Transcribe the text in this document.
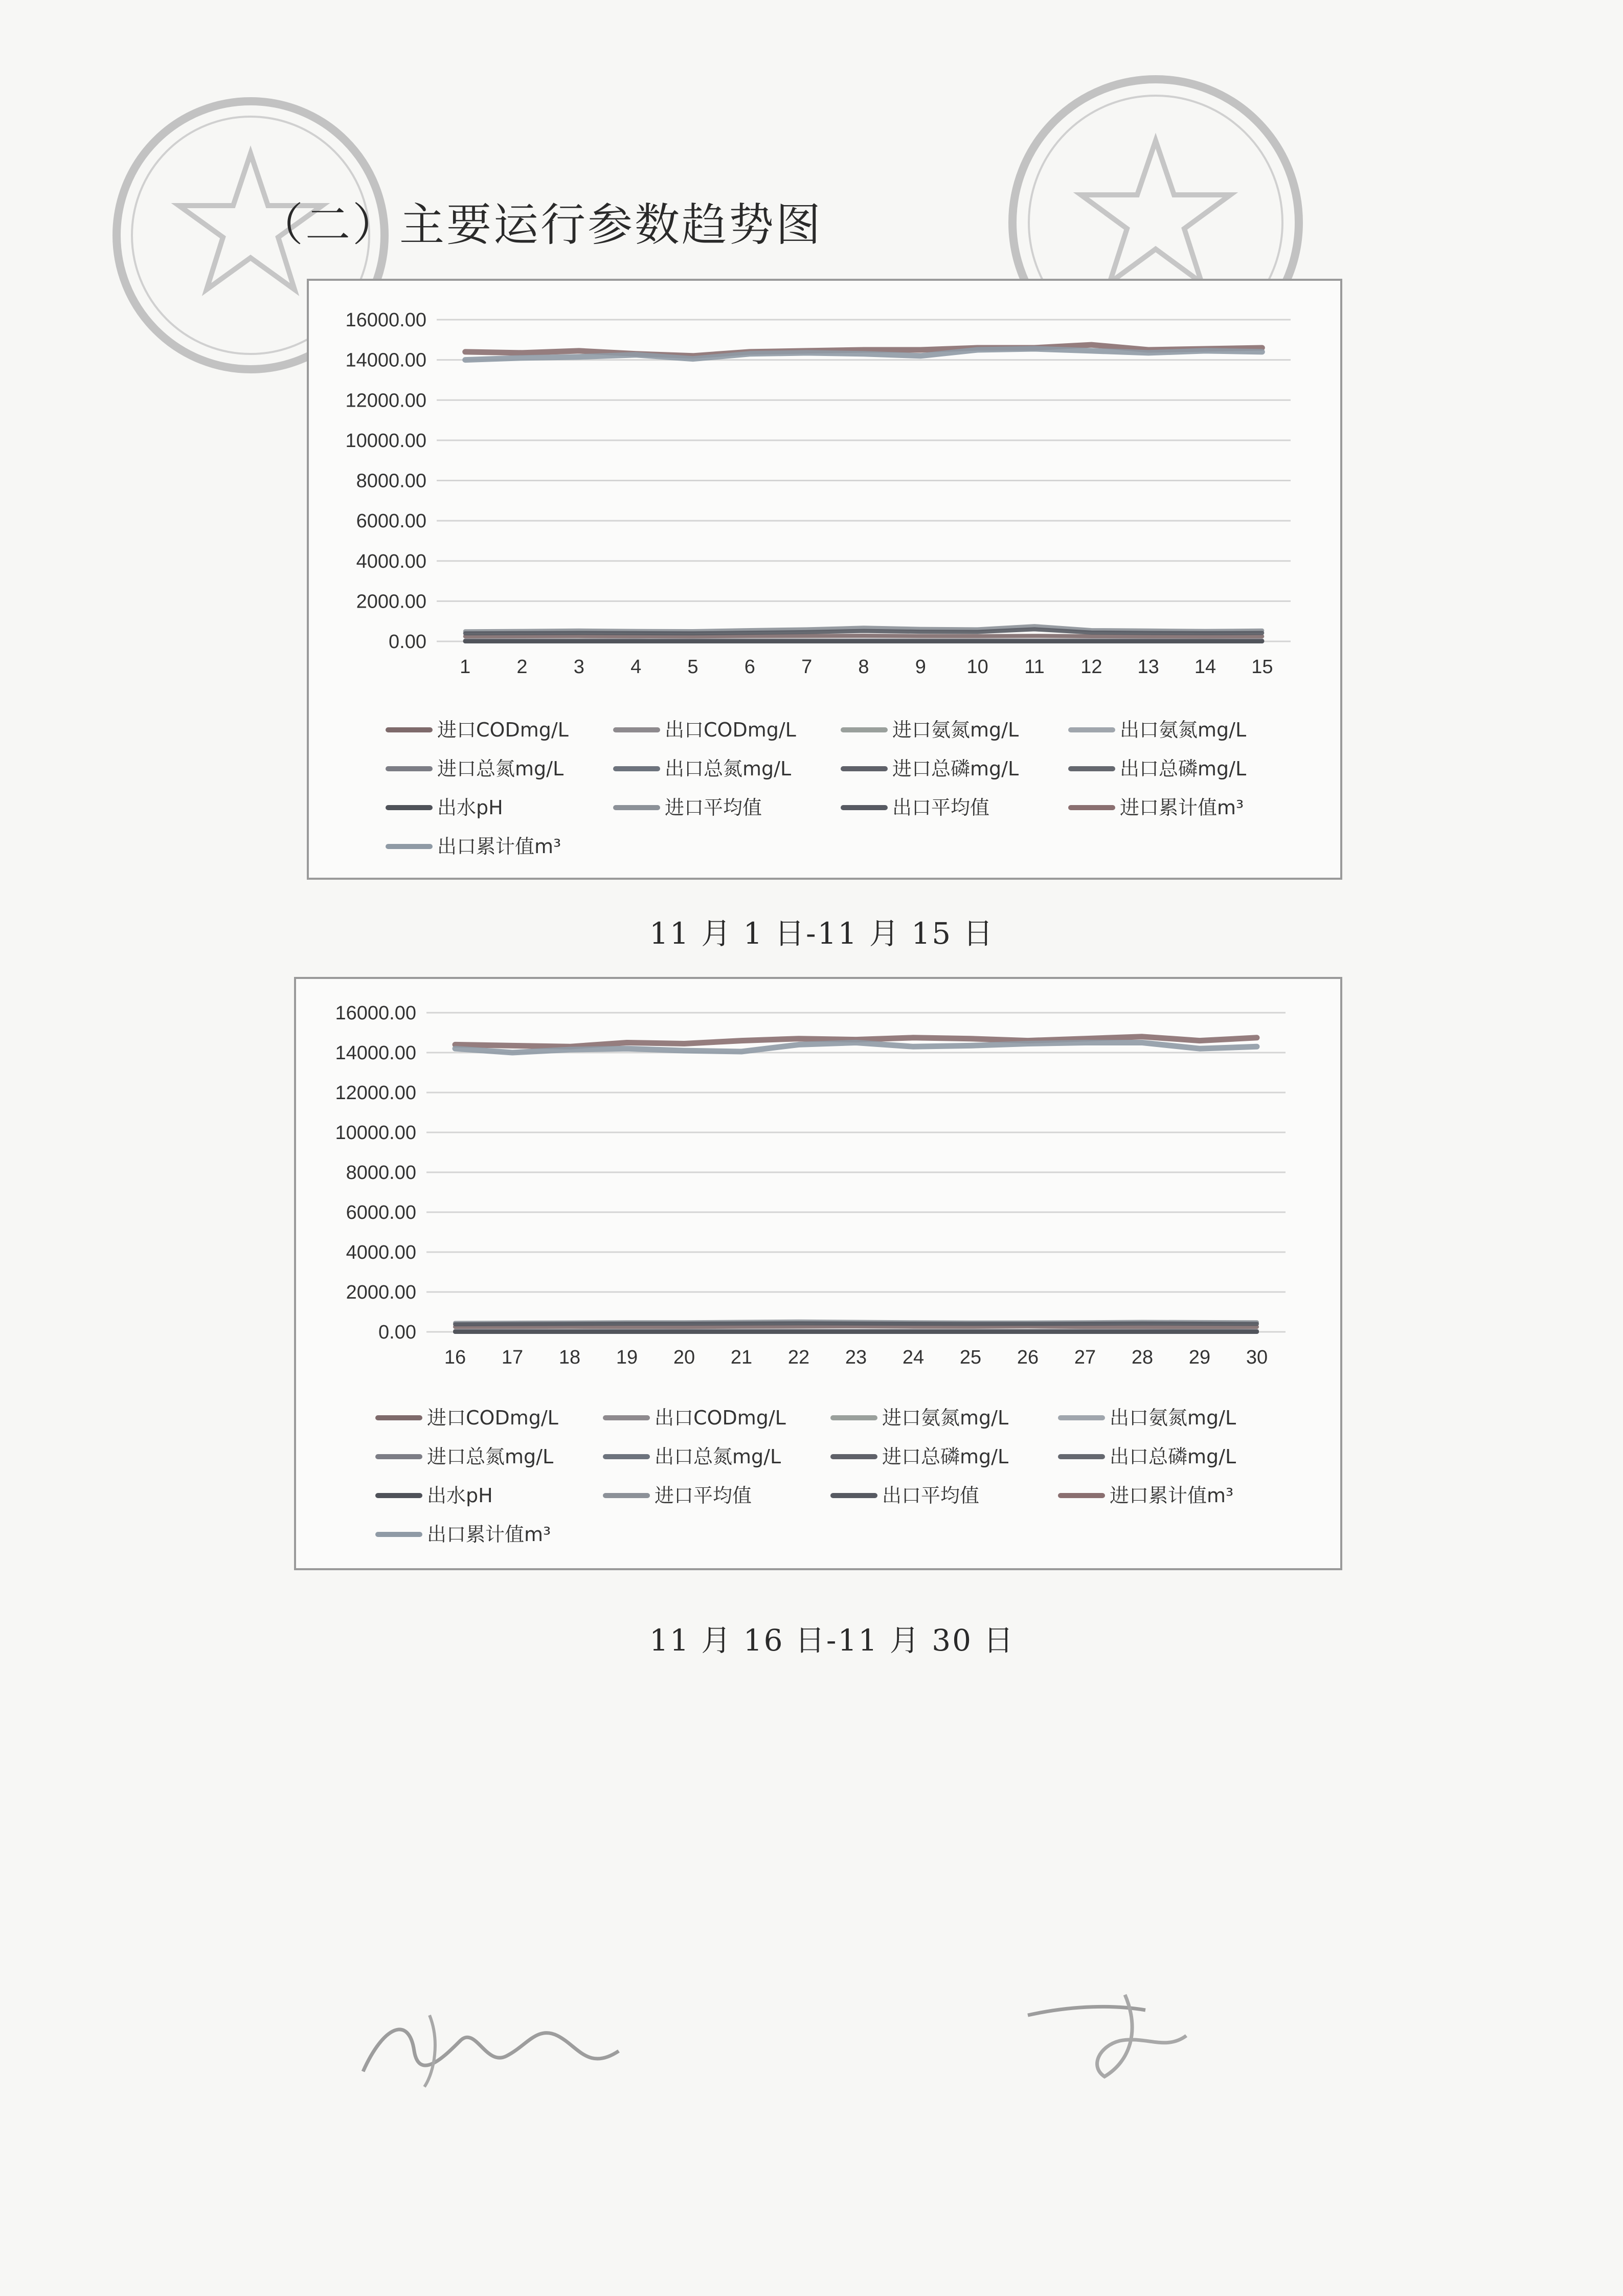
（二）主要运行参数趋势图
16000.00
14000.00
12000.00
10000.00
8000.00
6000.00
4000.00
2000.00
0.00
1 2 3 4 5 6 7 8 9 10 11 12 13 14 15
进口CODmg/L	出口CODmg/L	进口氨氮mg/L	出口氨氮mg/L
进口总氮mg/L	出口总氮mg/L	进口总磷mg/L	出口总磷mg/L
出水pH	进口平均值	出口平均值	进口累计值m³
出口累计值m³
11 月 1 日-11 月 15 日
16000.00
14000.00
12000.00
10000.00
8000.00
6000.00
4000.00
2000.00
0.00
16 17 18 19 20 21 22 23 24 25 26 27 28 29 30
进口CODmg/L	出口CODmg/L	进口氨氮mg/L	出口氨氮mg/L
进口总氮mg/L	出口总氮mg/L	进口总磷mg/L	出口总磷mg/L
出水pH	进口平均值	出口平均值	进口累计值m³
出口累计值m³
11 月 16 日-11 月 30 日
